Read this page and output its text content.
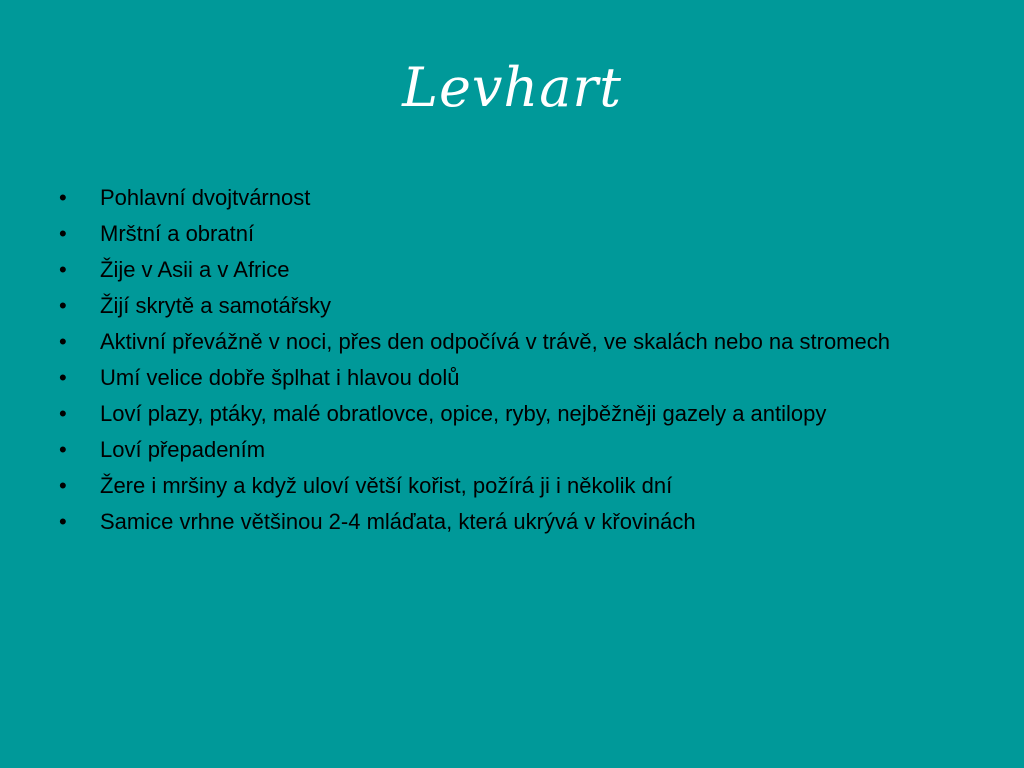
Levhart
•	Pohlavní dvojtvárnost
•	Mrštní a obratní
•	Žije v Asii a v Africe
•	Žijí skrytě a samotářsky
•	Aktivní převážně v noci, přes den odpočívá v trávě, ve skalách nebo na stromech
•	Umí velice dobře šplhat i hlavou dolů
•	Loví plazy, ptáky, malé obratlovce, opice, ryby, nejběžněji gazely a antilopy
•	Loví přepadením
•	Žere i mršiny a když uloví větší kořist, požírá ji i několik dní
•	Samice vrhne většinou 2-4 mláďata, která ukrývá v křovinách
